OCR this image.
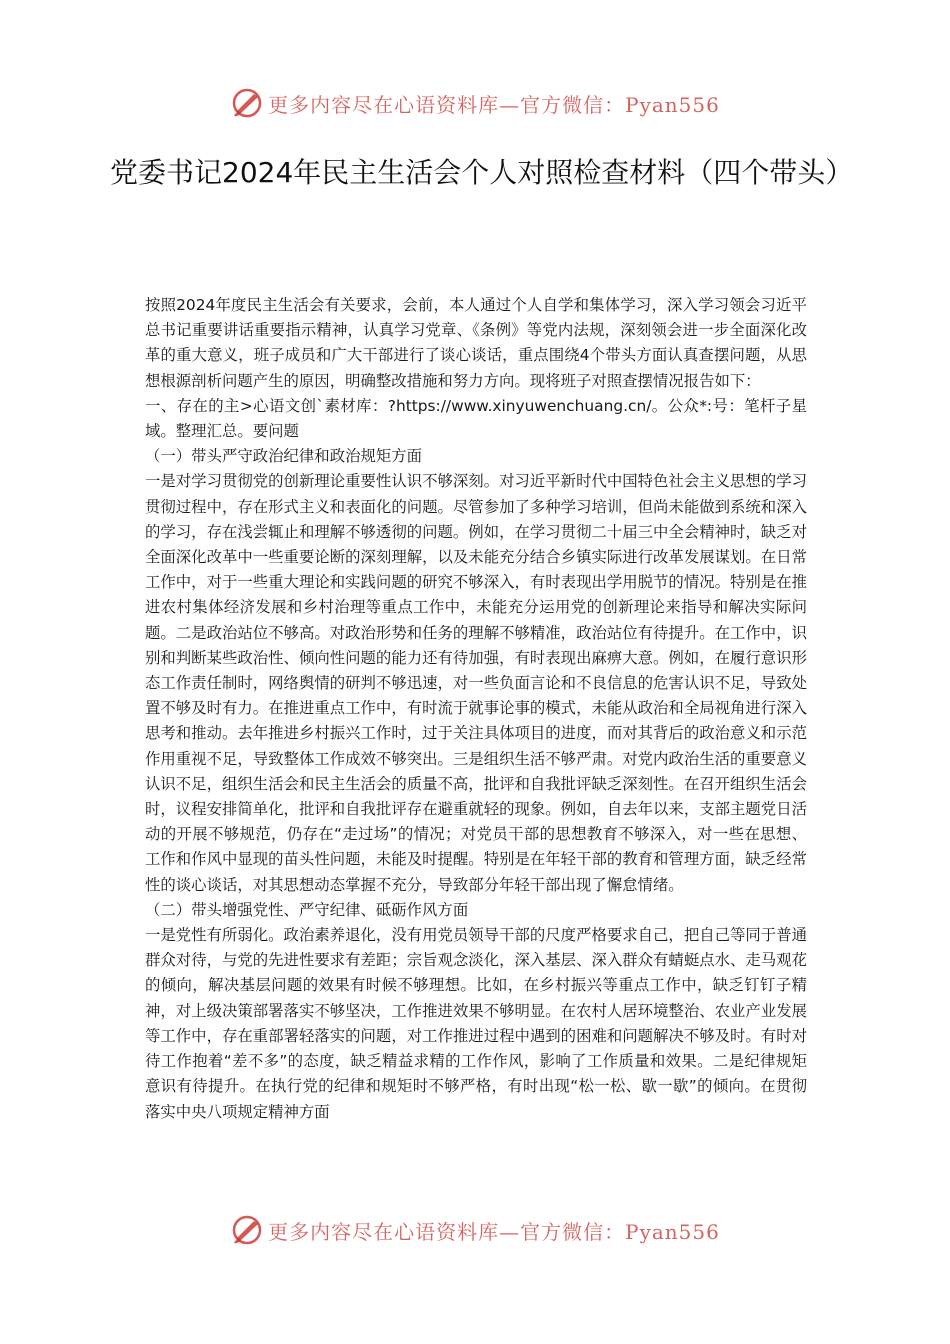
更多内容尽在心语资料库—官方微信：Pyan556
党委书记2024年民主生活会个人对照检查材料（四个带头）

按照2024年度民主生活会有关要求，会前，本人通过个人自学和集体学习，深入学习领会习近平总书记重要讲话重要指示精神，认真学习党章、《条例》等党内法规，深刻领会进一步全面深化改革的重大意义，班子成员和广大干部进行了谈心谈话，重点围绕4个带头方面认真查摆问题，从思想根源剖析问题产生的原因，明确整改措施和努力方向。现将班子对照查摆情况报告如下：

一、存在的主>心语文创`素材库：?https://www.xinyuwenchuang.cn/。公众*:号：笔杆子星域。整理汇总。要问题

（一）带头严守政治纪律和政治规矩方面

一是对学习贯彻党的创新理论重要性认识不够深刻。对习近平新时代中国特色社会主义思想的学习贯彻过程中，存在形式主义和表面化的问题。尽管参加了多种学习培训，但尚未能做到系统和深入的学习，存在浅尝辄止和理解不够透彻的问题。例如，在学习贯彻二十届三中全会精神时，缺乏对全面深化改革中一些重要论断的深刻理解，以及未能充分结合乡镇实际进行改革发展谋划。在日常工作中，对于一些重大理论和实践问题的研究不够深入，有时表现出学用脱节的情况。特别是在推进农村集体经济发展和乡村治理等重点工作中，未能充分运用党的创新理论来指导和解决实际问题。二是政治站位不够高。对政治形势和任务的理解不够精准，政治站位有待提升。在工作中，识别和判断某些政治性、倾向性问题的能力还有待加强，有时表现出麻痹大意。例如，在履行意识形态工作责任制时，网络舆情的研判不够迅速，对一些负面言论和不良信息的危害认识不足，导致处置不够及时有力。在推进重点工作中，有时流于就事论事的模式，未能从政治和全局视角进行深入思考和推动。去年推进乡村振兴工作时，过于关注具体项目的进度，而对其背后的政治意义和示范作用重视不足，导致整体工作成效不够突出。三是组织生活不够严肃。对党内政治生活的重要意义认识不足，组织生活会和民主生活会的质量不高，批评和自我批评缺乏深刻性。在召开组织生活会时，议程安排简单化，批评和自我批评存在避重就轻的现象。例如，自去年以来，支部主题党日活动的开展不够规范，仍存在“走过场”的情况；对党员干部的思想教育不够深入，对一些在思想、工作和作风中显现的苗头性问题，未能及时提醒。特别是在年轻干部的教育和管理方面，缺乏经常性的谈心谈话，对其思想动态掌握不充分，导致部分年轻干部出现了懈怠情绪。

（二）带头增强党性、严守纪律、砥砺作风方面

一是党性有所弱化。政治素养退化，没有用党员领导干部的尺度严格要求自己，把自己等同于普通群众对待，与党的先进性要求有差距；宗旨观念淡化，深入基层、深入群众有蜻蜓点水、走马观花的倾向，解决基层问题的效果有时候不够理想。比如，在乡村振兴等重点工作中，缺乏钉钉子精神，对上级决策部署落实不够坚决，工作推进效果不够明显。在农村人居环境整治、农业产业发展等工作中，存在重部署轻落实的问题，对工作推进过程中遇到的困难和问题解决不够及时。有时对待工作抱着“差不多”的态度，缺乏精益求精的工作作风，影响了工作质量和效果。二是纪律规矩意识有待提升。在执行党的纪律和规矩时不够严格，有时出现“松一松、歇一歇”的倾向。在贯彻落实中央八项规定精神方面

更多内容尽在心语资料库—官方微信：Pyan556
